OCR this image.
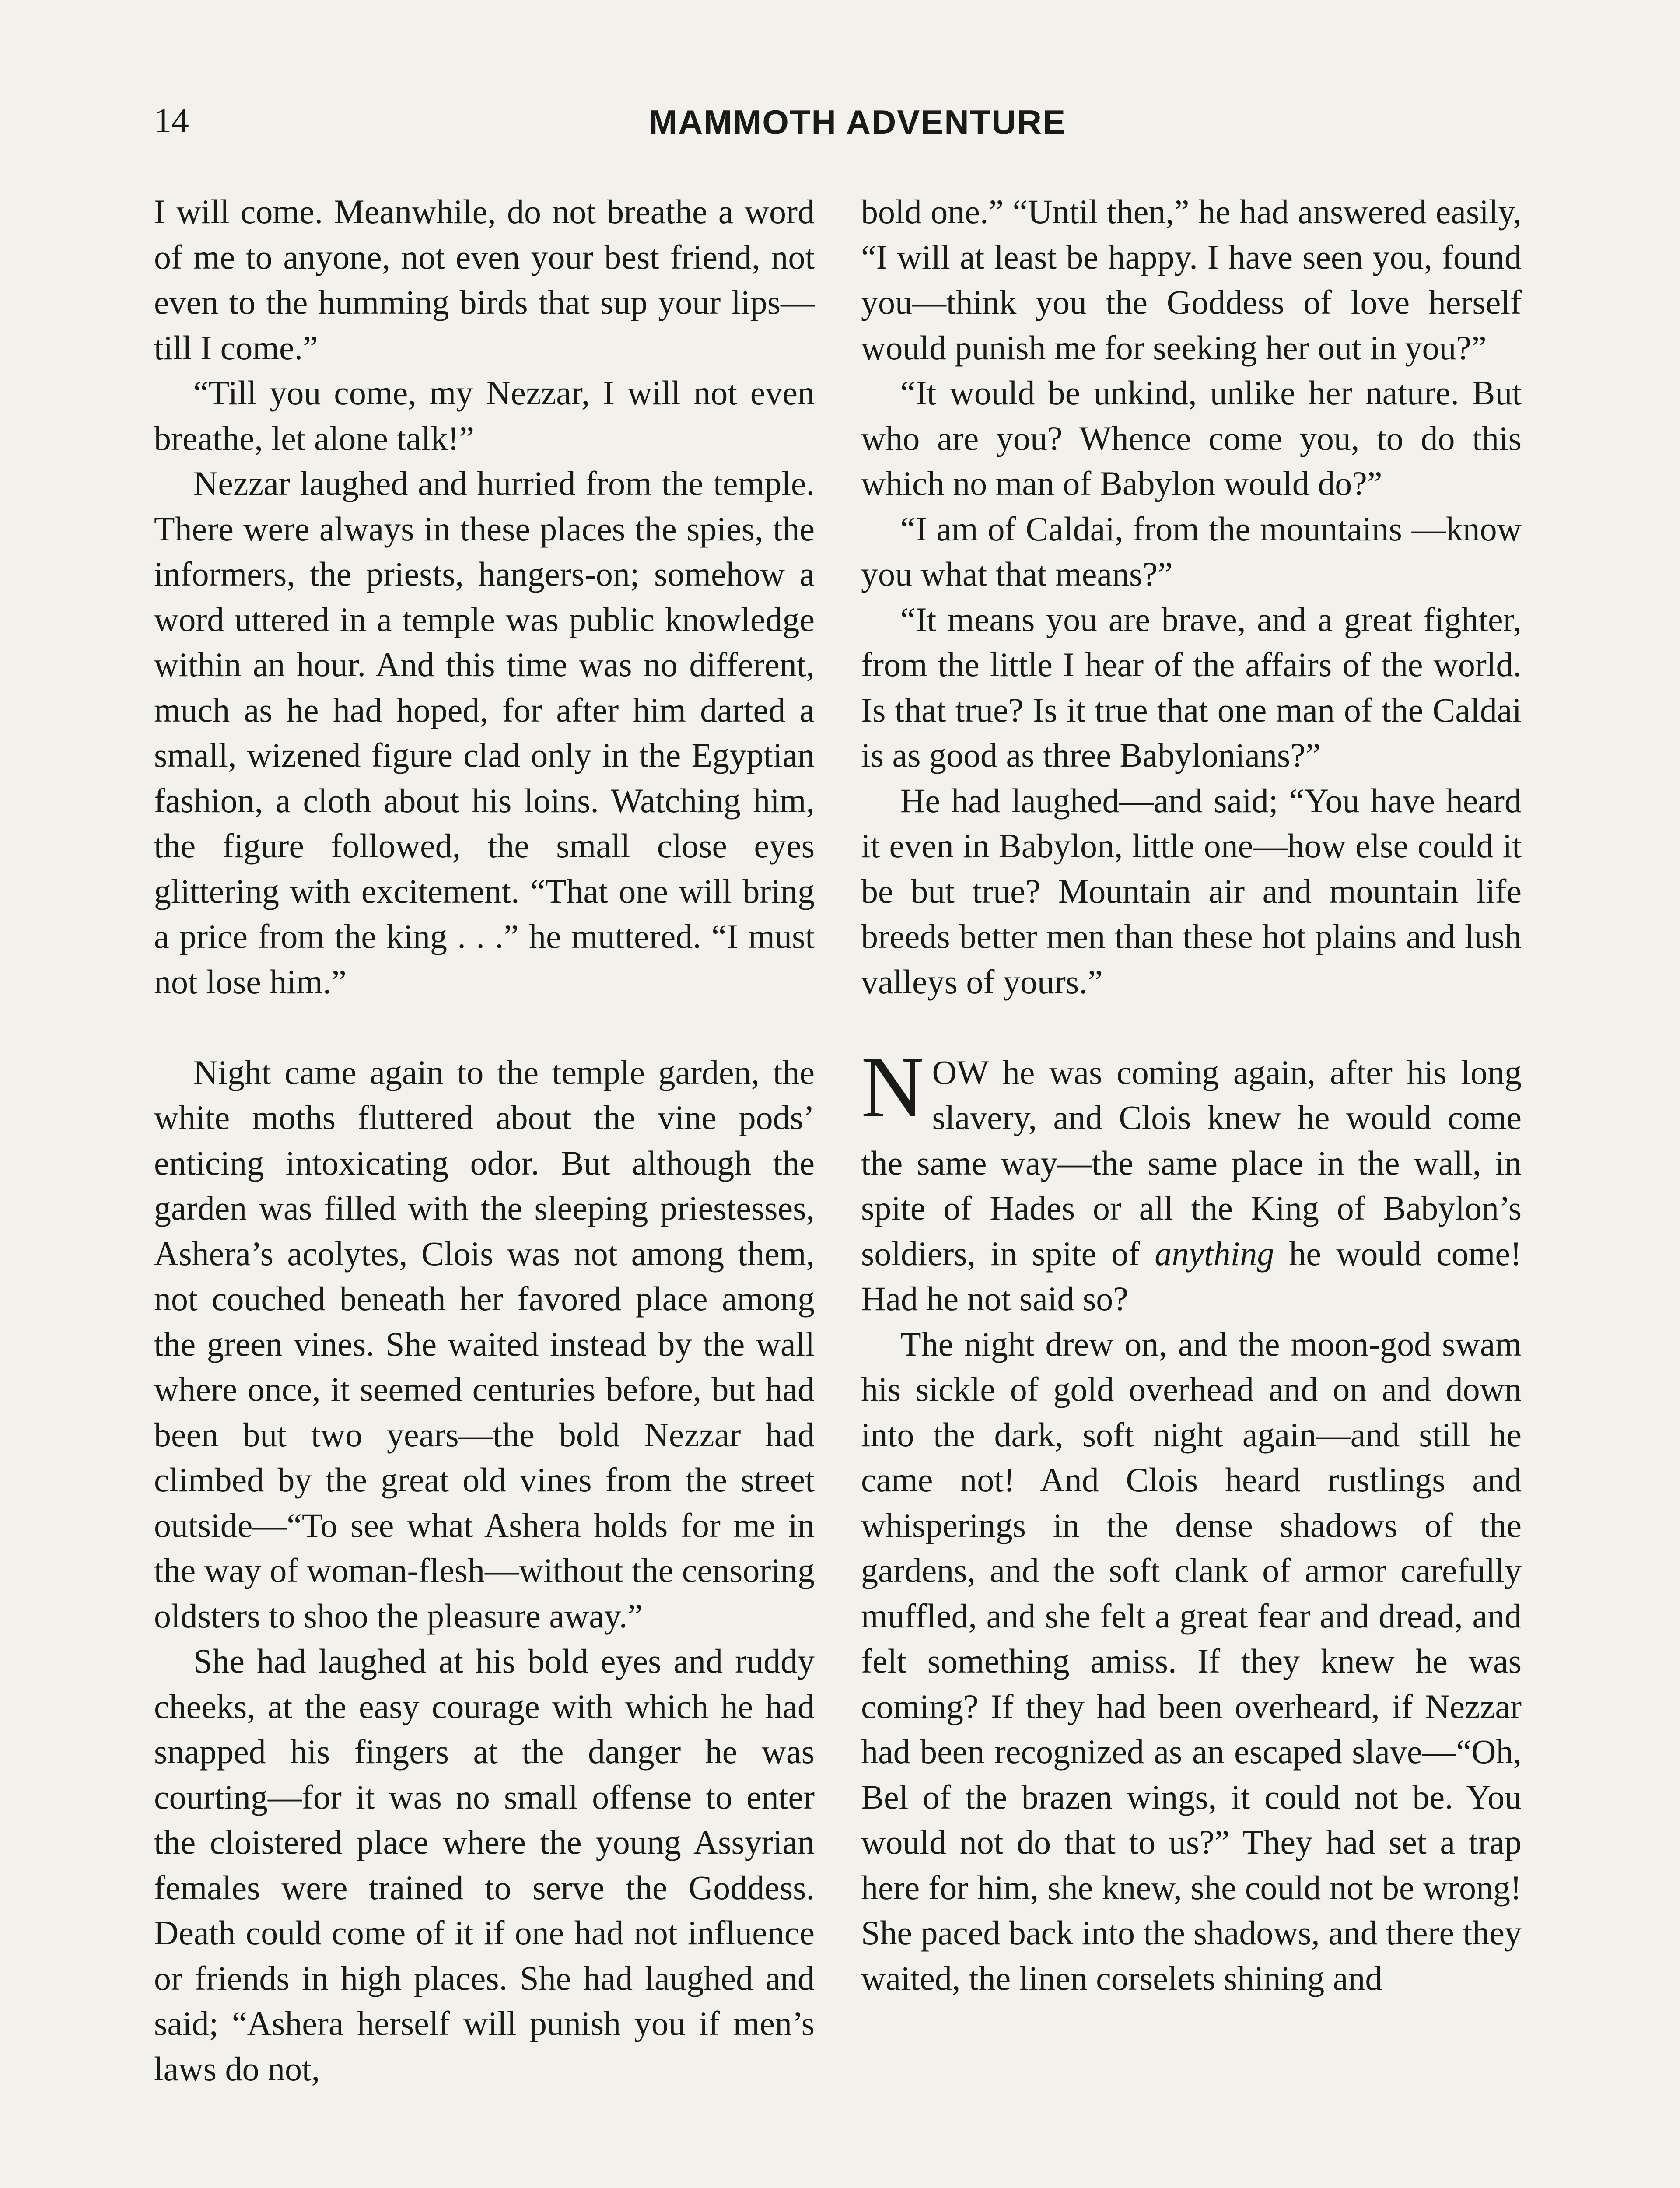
14	MAMMOTH ADVENTURE

I will come. Meanwhile, do not breathe a word of me to anyone, not even your best friend, not even to the humming birds that sup your lips—till I come.”

“Till you come, my Nezzar, I will not even breathe, let alone talk!”

Nezzar laughed and hurried from the temple. There were always in these places the spies, the informers, the priests, hangers-on; somehow a word uttered in a temple was public knowledge within an hour. And this time was no different, much as he had hoped, for after him darted a small, wizened figure clad only in the Egyptian fashion, a cloth about his loins. Watching him, the figure followed, the small close eyes glittering with excitement. “That one will bring a price from the king . . .” he muttered. “I must not lose him.”

Night came again to the temple garden, the white moths fluttered about the vine pods’ enticing intoxicating odor. But although the garden was filled with the sleeping priestesses, Ashera’s acolytes, Clois was not among them, not couched beneath her favored place among the green vines. She waited instead by the wall where once, it seemed centuries before, but had been but two years—the bold Nezzar had climbed by the great old vines from the street outside—“To see what Ashera holds for me in the way of woman-flesh—without the censoring oldsters to shoo the pleasure away.”

She had laughed at his bold eyes and ruddy cheeks, at the easy courage with which he had snapped his fingers at the danger he was courting—for it was no small offense to enter the cloistered place where the young Assyrian females were trained to serve the Goddess. Death could come of it if one had not influence or friends in high places. She had laughed and said; “Ashera herself will punish you if men’s laws do not,

bold one.” “Until then,” he had answered easily, “I will at least be happy. I have seen you, found you—think you the Goddess of love herself would punish me for seeking her out in you?”

“It would be unkind, unlike her nature. But who are you? Whence come you, to do this which no man of Babylon would do?”

“I am of Caldai, from the mountains —know you what that means?”

“It means you are brave, and a great fighter, from the little I hear of the affairs of the world. Is that true? Is it true that one man of the Caldai is as good as three Babylonians?”

He had laughed—and said; “You have heard it even in Babylon, little one—how else could it be but true? Mountain air and mountain life breeds better men than these hot plains and lush valleys of yours.”

NOW he was coming again, after his long slavery, and Clois knew he would come the same way—the same place in the wall, in spite of Hades or all the King of Babylon’s soldiers, in spite of anything he would come! Had he not said so?

The night drew on, and the moon-god swam his sickle of gold overhead and on and down into the dark, soft night again—and still he came not! And Clois heard rustlings and whisperings in the dense shadows of the gardens, and the soft clank of armor carefully muffled, and she felt a great fear and dread, and felt something amiss. If they knew he was coming? If they had been overheard, if Nezzar had been recognized as an escaped slave—“Oh, Bel of the brazen wings, it could not be. You would not do that to us?” They had set a trap here for him, she knew, she could not be wrong! She paced back into the shadows, and there they waited, the linen corselets shining and
